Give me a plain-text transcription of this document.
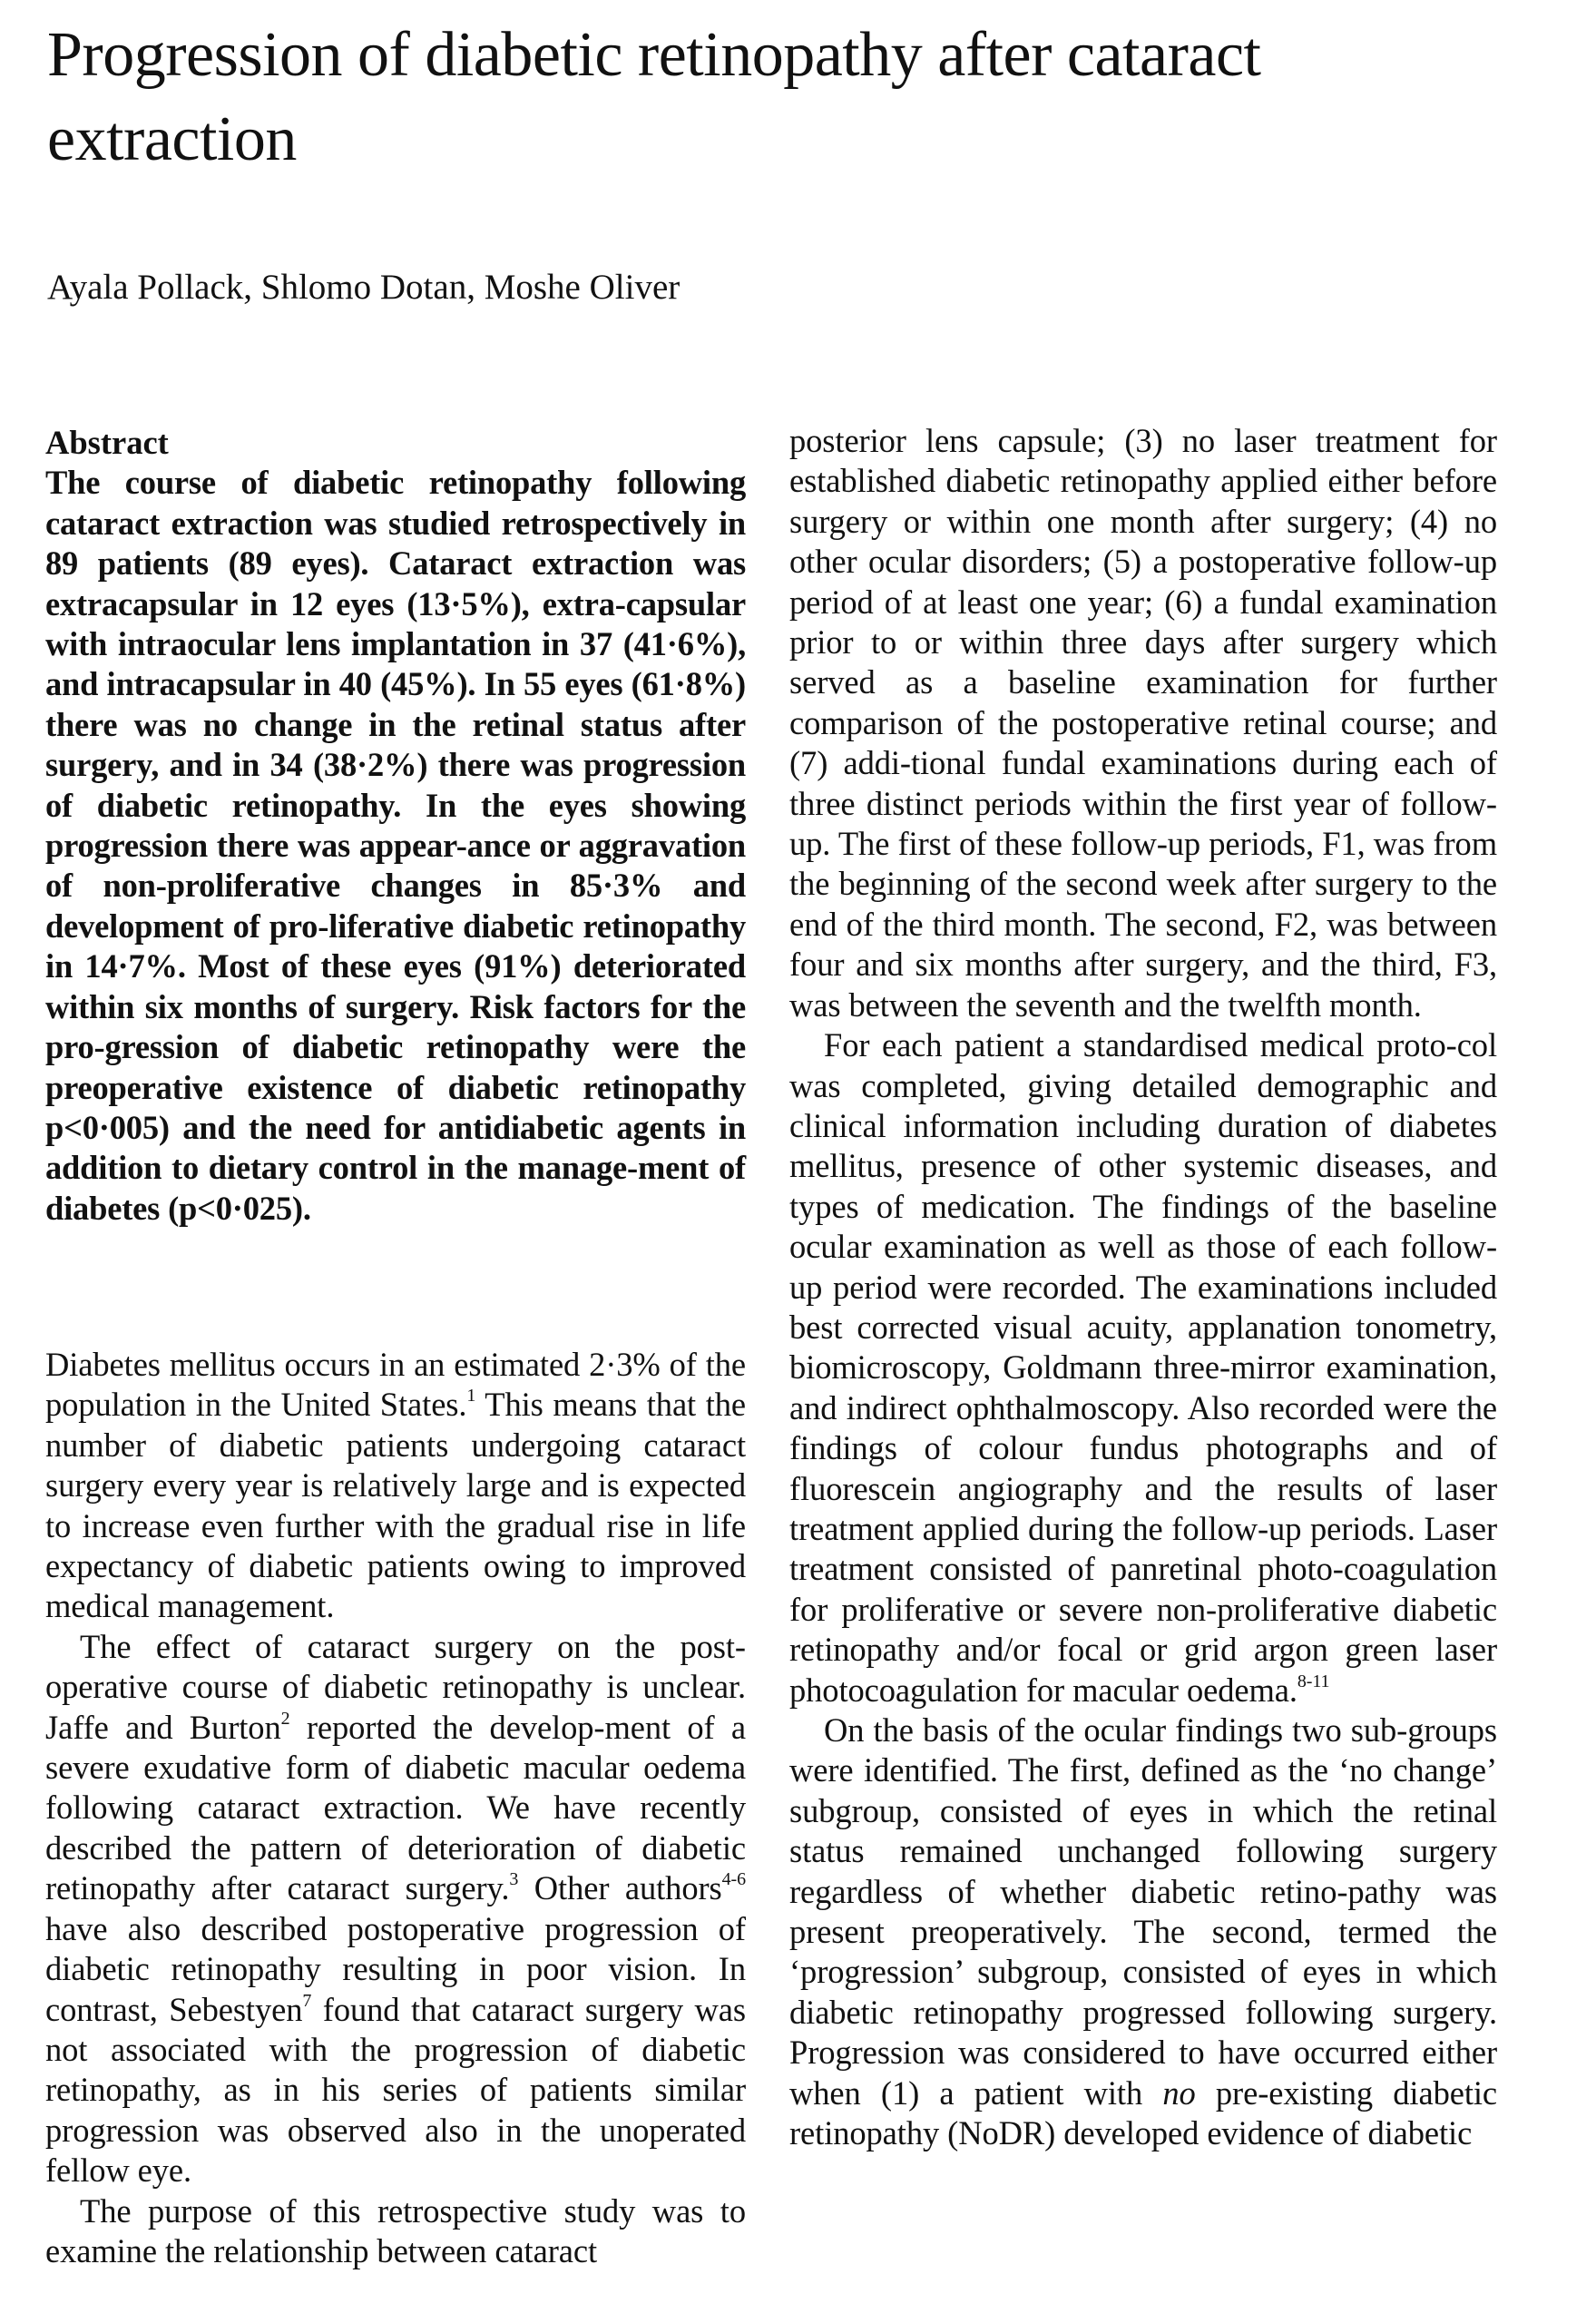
Progression of diabetic retinopathy after cataract extraction

Ayala Pollack, Shlomo Dotan, Moshe Oliver

Abstract

The course of diabetic retinopathy following cataract extraction was studied retrospectively in 89 patients (89 eyes). Cataract extraction was extracapsular in 12 eyes (13·5%), extra-capsular with intraocular lens implantation in 37 (41·6%), and intracapsular in 40 (45%). In 55 eyes (61·8%) there was no change in the retinal status after surgery, and in 34 (38·2%) there was progression of diabetic retinopathy. In the eyes showing progression there was appear-ance or aggravation of non-proliferative changes in 85·3% and development of pro-liferative diabetic retinopathy in 14·7%. Most of these eyes (91%) deteriorated within six months of surgery. Risk factors for the pro-gression of diabetic retinopathy were the preoperative existence of diabetic retinopathy p<0·005) and the need for antidiabetic agents in addition to dietary control in the manage-ment of diabetes (p<0·025).

Diabetes mellitus occurs in an estimated 2·3% of the population in the United States.$^1$ This means that the number of diabetic patients undergoing cataract surgery every year is relatively large and is expected to increase even further with the gradual rise in life expectancy of diabetic patients owing to improved medical management.

The effect of cataract surgery on the post-operative course of diabetic retinopathy is unclear. Jaffe and Burton$^2$ reported the develop-ment of a severe exudative form of diabetic macular oedema following cataract extraction. We have recently described the pattern of deterioration of diabetic retinopathy after cataract surgery.$^3$ Other authors$^{4-6}$ have also described postoperative progression of diabetic retinopathy resulting in poor vision. In contrast, Sebestyen$^7$ found that cataract surgery was not associated with the progression of diabetic retinopathy, as in his series of patients similar progression was observed also in the unoperated fellow eye.

The purpose of this retrospective study was to examine the relationship between cataract

posterior lens capsule; (3) no laser treatment for established diabetic retinopathy applied either before surgery or within one month after surgery; (4) no other ocular disorders; (5) a postoperative follow-up period of at least one year; (6) a fundal examination prior to or within three days after surgery which served as a baseline examination for further comparison of the postoperative retinal course; and (7) addi-tional fundal examinations during each of three distinct periods within the first year of follow-up. The first of these follow-up periods, F1, was from the beginning of the second week after surgery to the end of the third month. The second, F2, was between four and six months after surgery, and the third, F3, was between the seventh and the twelfth month.

For each patient a standardised medical proto-col was completed, giving detailed demographic and clinical information including duration of diabetes mellitus, presence of other systemic diseases, and types of medication. The findings of the baseline ocular examination as well as those of each follow-up period were recorded. The examinations included best corrected visual acuity, applanation tonometry, biomicroscopy, Goldmann three-mirror examination, and indirect ophthalmoscopy. Also recorded were the findings of colour fundus photographs and of fluorescein angiography and the results of laser treatment applied during the follow-up periods. Laser treatment consisted of panretinal photo-coagulation for proliferative or severe non-proliferative diabetic retinopathy and/or focal or grid argon green laser photocoagulation for macular oedema.$^{8-11}$

On the basis of the ocular findings two sub-groups were identified. The first, defined as the ‘no change’ subgroup, consisted of eyes in which the retinal status remained unchanged following surgery regardless of whether diabetic retino-pathy was present preoperatively. The second, termed the ‘progression’ subgroup, consisted of eyes in which diabetic retinopathy progressed following surgery. Progression was considered to have occurred either when (1) a patient with no pre-existing diabetic retinopathy (NoDR) developed evidence of diabetic
